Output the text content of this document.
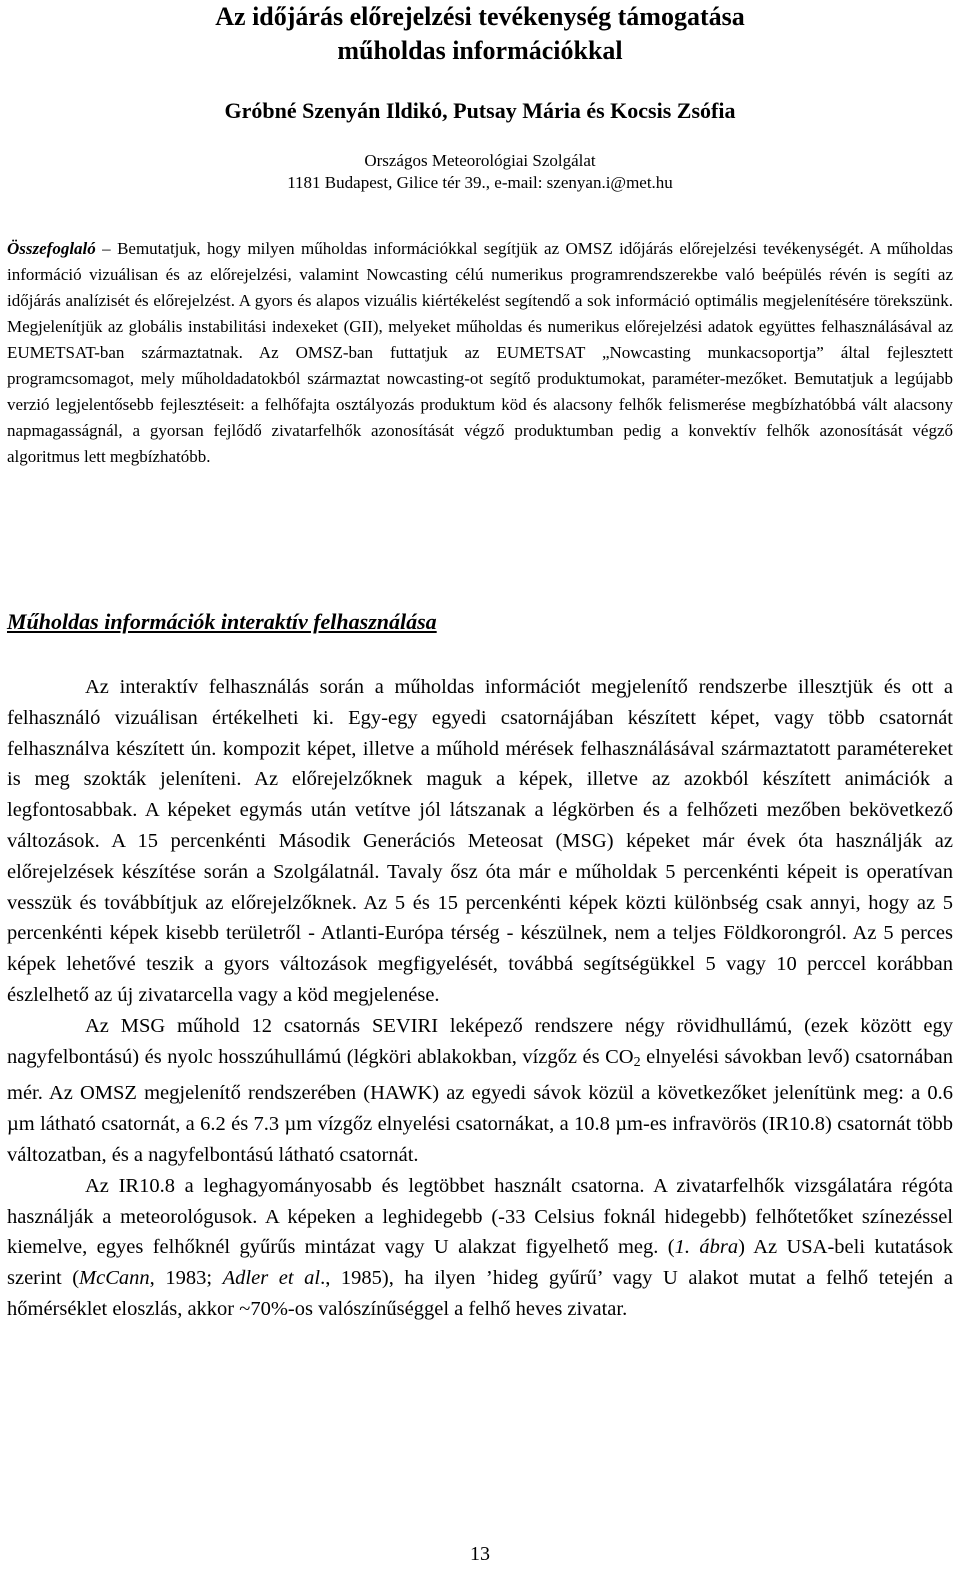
Az időjárás előrejelzési tevékenység támogatása
műholdas információkkal
Gróbné Szenyán Ildikó, Putsay Mária és Kocsis Zsófia
Országos Meteorológiai Szolgálat
1181 Budapest, Gilice tér 39., e-mail: szenyan.i@met.hu

Összefoglaló – Bemutatjuk, hogy milyen műholdas információkkal segítjük az OMSZ időjárás előrejelzési tevékenységét. A műholdas információ vizuálisan és az előrejelzési, valamint Nowcasting célú numerikus programrendszerekbe való beépülés révén is segíti az időjárás analízisét és előrejelzést. A gyors és alapos vizuális kiértékelést segítendő a sok információ optimális megjelenítésére törekszünk. Megjelenítjük az globális instabilitási indexeket (GII), melyeket műholdas és numerikus előrejelzési adatok együttes felhasználásával az EUMETSAT-ban származtatnak. Az OMSZ-ban futtatjuk az EUMETSAT „Nowcasting munkacsoportja” által fejlesztett programcsomagot, mely műholdadatokból származtat nowcasting-ot segítő produktumokat, paraméter-mezőket. Bemutatjuk a legújabb verzió legjelentősebb fejlesztéseit: a felhőfajta osztályozás produktum köd és alacsony felhők felismerése megbízhatóbbá vált alacsony napmagasságnál, a gyorsan fejlődő zivatarfelhők azonosítását végző produktumban pedig a konvektív felhők azonosítását végző algoritmus lett megbízhatóbb.

Műholdas információk interaktív felhasználása

Az interaktív felhasználás során a műholdas információt megjelenítő rendszerbe illesztjük és ott a felhasználó vizuálisan értékelheti ki. Egy-egy egyedi csatornájában készített képet, vagy több csatornát felhasználva készített ún. kompozit képet, illetve a műhold mérések felhasználásával származtatott paramétereket is meg szokták jeleníteni. Az előrejelzőknek maguk a képek, illetve az azokból készített animációk a legfontosabbak. A képeket egymás után vetítve jól látszanak a légkörben és a felhőzeti mezőben bekövetkező változások. A 15 percenkénti Második Generációs Meteosat (MSG) képeket már évek óta használják az előrejelzések készítése során a Szolgálatnál. Tavaly ősz óta már e műholdak 5 percenkénti képeit is operatívan vesszük és továbbítjuk az előrejelzőknek. Az 5 és 15 percenkénti képek közti különbség csak annyi, hogy az 5 percenkénti képek kisebb területről - Atlanti-Európa térség - készülnek, nem a teljes Földkorongról. Az 5 perces képek lehetővé teszik a gyors változások megfigyelését, továbbá segítségükkel 5 vagy 10 perccel korábban észlelhető az új zivatarcella vagy a köd megjelenése.

Az MSG műhold 12 csatornás SEVIRI leképező rendszere négy rövidhullámú, (ezek között egy nagyfelbontású) és nyolc hosszúhullámú (légköri ablakokban, vízgőz és $CO_2$ elnyelési sávokban levő) csatornában mér. Az OMSZ megjelenítő rendszerében (HAWK) az egyedi sávok közül a következőket jelenítünk meg: a 0.6 µm látható csatornát, a 6.2 és 7.3 µm vízgőz elnyelési csatornákat, a 10.8 µm-es infravörös (IR10.8) csatornát több változatban, és a nagyfelbontású látható csatornát.

Az IR10.8 a leghagyományosabb és legtöbbet használt csatorna. A zivatarfelhők vizsgálatára régóta használják a meteorológusok. A képeken a leghidegebb (-33 Celsius foknál hidegebb) felhőtetőket színezéssel kiemelve, egyes felhőknél gyűrűs mintázat vagy U alakzat figyelhető meg. (1. ábra) Az USA-beli kutatások szerint (McCann, 1983; Adler et al., 1985), ha ilyen ’hideg gyűrű’ vagy U alakot mutat a felhő tetején a hőmérséklet eloszlás, akkor ~70%-os valószínűséggel a felhő heves zivatar.

13
